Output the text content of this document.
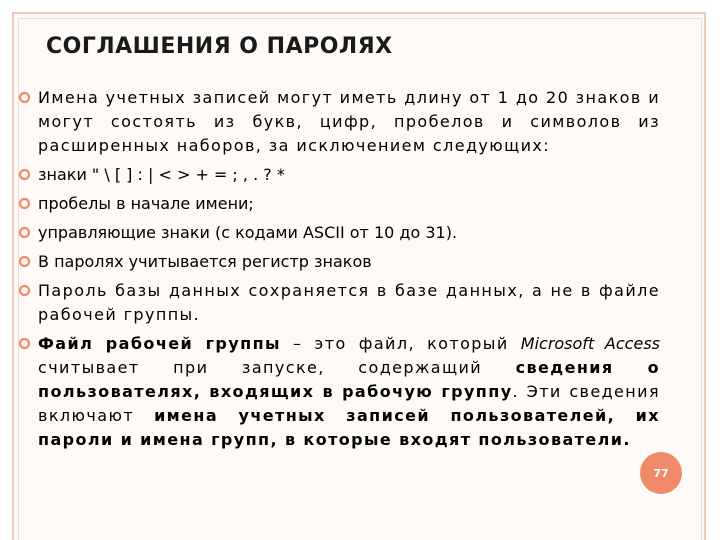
СОГЛАШЕНИЯ О ПАРОЛЯХ
Имена учетных записей могут иметь длину от 1 до 20 знаков и могут состоять из букв, цифр, пробелов и символов из расширенных наборов, за исключением следующих:
знаки " \ [ ] : | < > + = ; , . ? *
пробелы в начале имени;
управляющие знаки (с кодами ASCII от 10 до 31).
В паролях учитывается регистр знаков
Пароль базы данных сохраняется в базе данных, а не в файле рабочей группы.
Файл рабочей группы – это файл, который Microsoft Access считывает при запуске, содержащий сведения о пользователях, входящих в рабочую группу. Эти сведения включают имена учетных записей пользователей, их пароли и имена групп, в которые входят пользователи.
77
